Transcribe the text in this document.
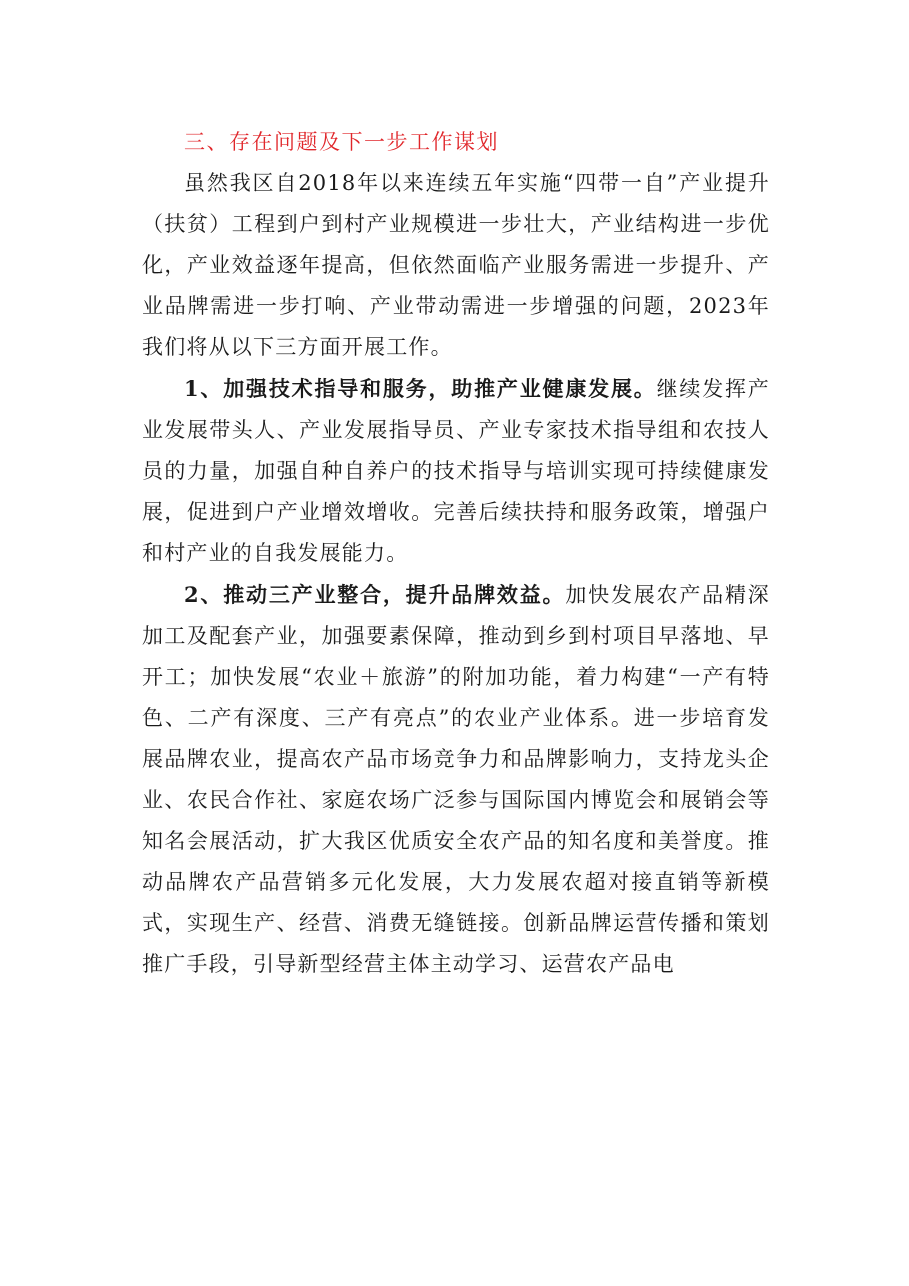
三、存在问题及下一步工作谋划

虽然我区自2018年以来连续五年实施“四带一自”产业提升（扶贫）工程到户到村产业规模进一步壮大，产业结构进一步优化，产业效益逐年提高，但依然面临产业服务需进一步提升、产业品牌需进一步打响、产业带动需进一步增强的问题，2023年我们将从以下三方面开展工作。

1、加强技术指导和服务，助推产业健康发展。继续发挥产业发展带头人、产业发展指导员、产业专家技术指导组和农技人员的力量，加强自种自养户的技术指导与培训实现可持续健康发展，促进到户产业增效增收。完善后续扶持和服务政策，增强户和村产业的自我发展能力。

2、推动三产业整合，提升品牌效益。加快发展农产品精深加工及配套产业，加强要素保障，推动到乡到村项目早落地、早开工；加快发展“农业＋旅游”的附加功能，着力构建“一产有特色、二产有深度、三产有亮点”的农业产业体系。进一步培育发展品牌农业，提高农产品市场竞争力和品牌影响力，支持龙头企业、农民合作社、家庭农场广泛参与国际国内博览会和展销会等知名会展活动，扩大我区优质安全农产品的知名度和美誉度。推动品牌农产品营销多元化发展，大力发展农超对接直销等新模式，实现生产、经营、消费无缝链接。创新品牌运营传播和策划推广手段，引导新型经营主体主动学习、运营农产品电
